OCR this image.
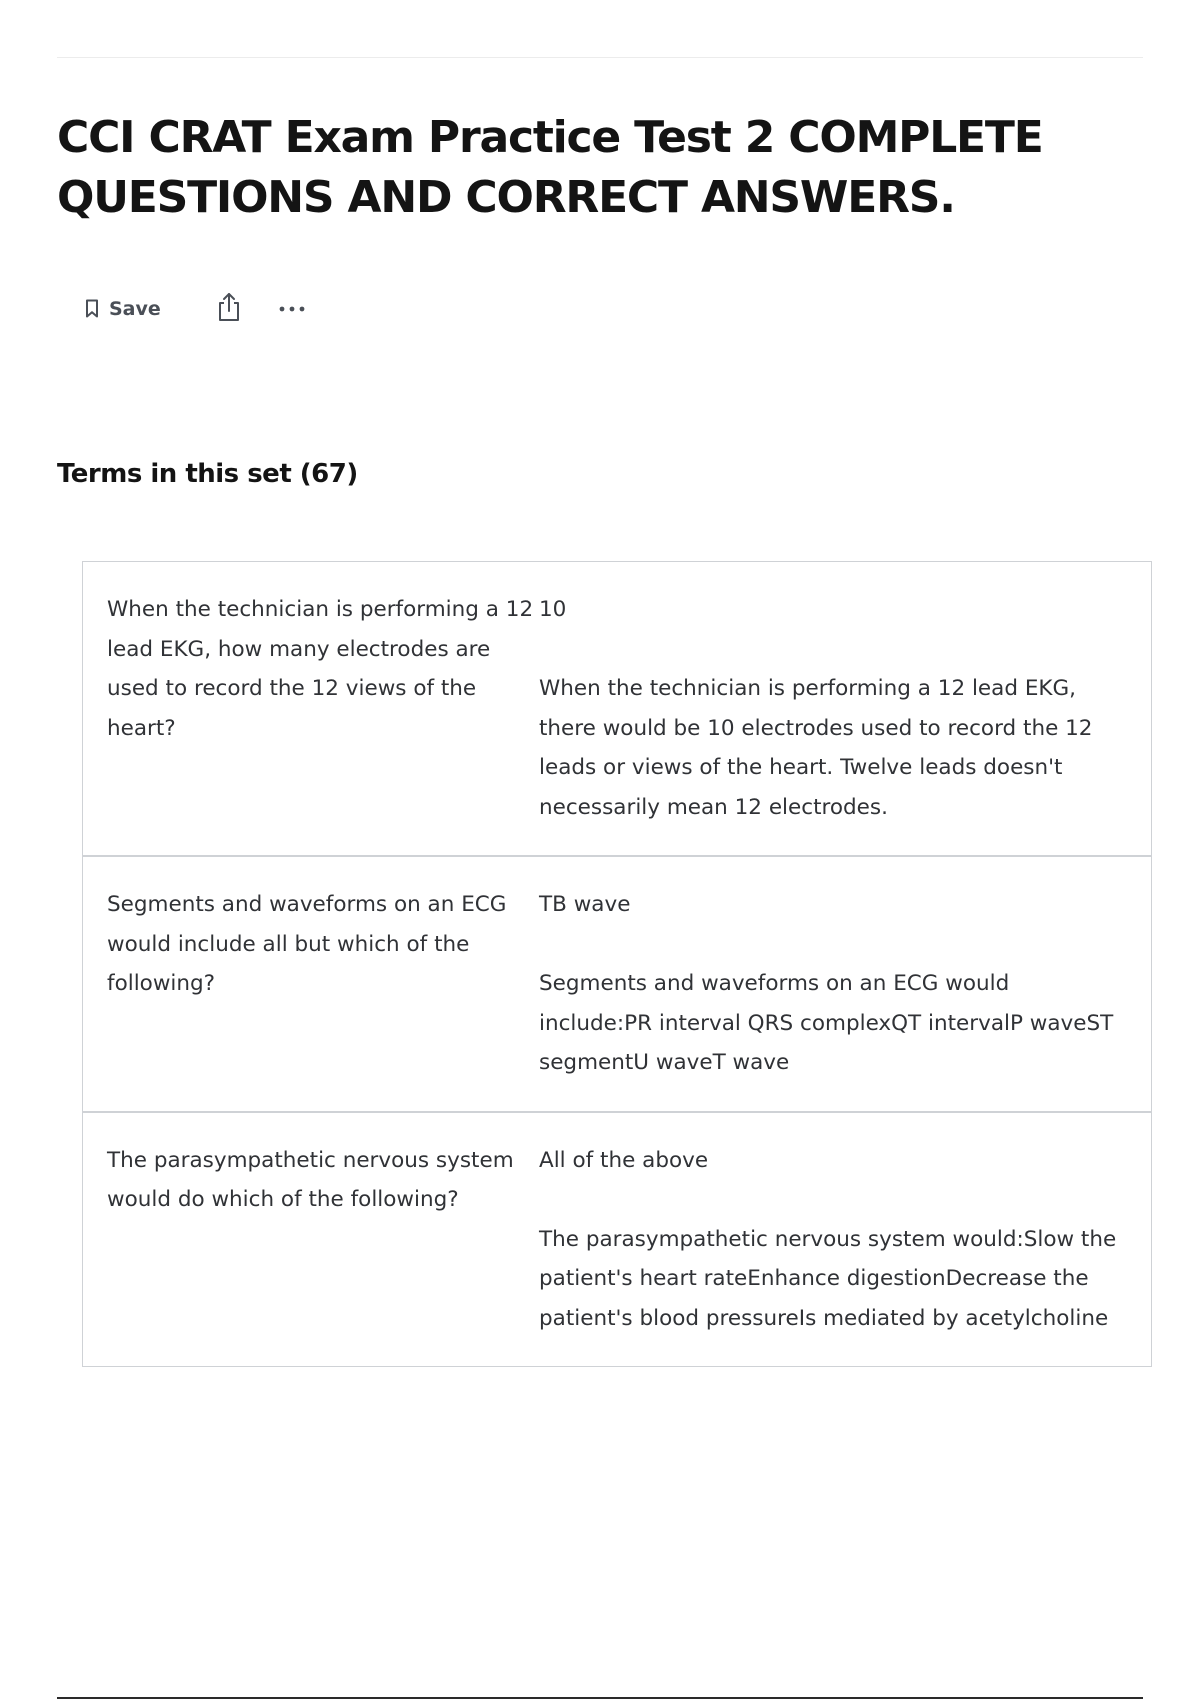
CCI CRAT Exam Practice Test 2 COMPLETE
QUESTIONS AND CORRECT ANSWERS.
Save
Terms in this set (67)
When the technician is performing a 12 lead EKG, how many electrodes are used to record the 12 views of the heart?

10

When the technician is performing a 12 lead EKG, there would be 10 electrodes used to record the 12 leads or views of the heart. Twelve leads doesn't necessarily mean 12 electrodes.

Segments and waveforms on an ECG would include all but which of the following?

TB wave

Segments and waveforms on an ECG would include:PR interval QRS complexQT intervalP waveST segmentU waveT wave

The parasympathetic nervous system would do which of the following?

All of the above

The parasympathetic nervous system would:Slow the patient's heart rateEnhance digestionDecrease the patient's blood pressureIs mediated by acetylcholine
